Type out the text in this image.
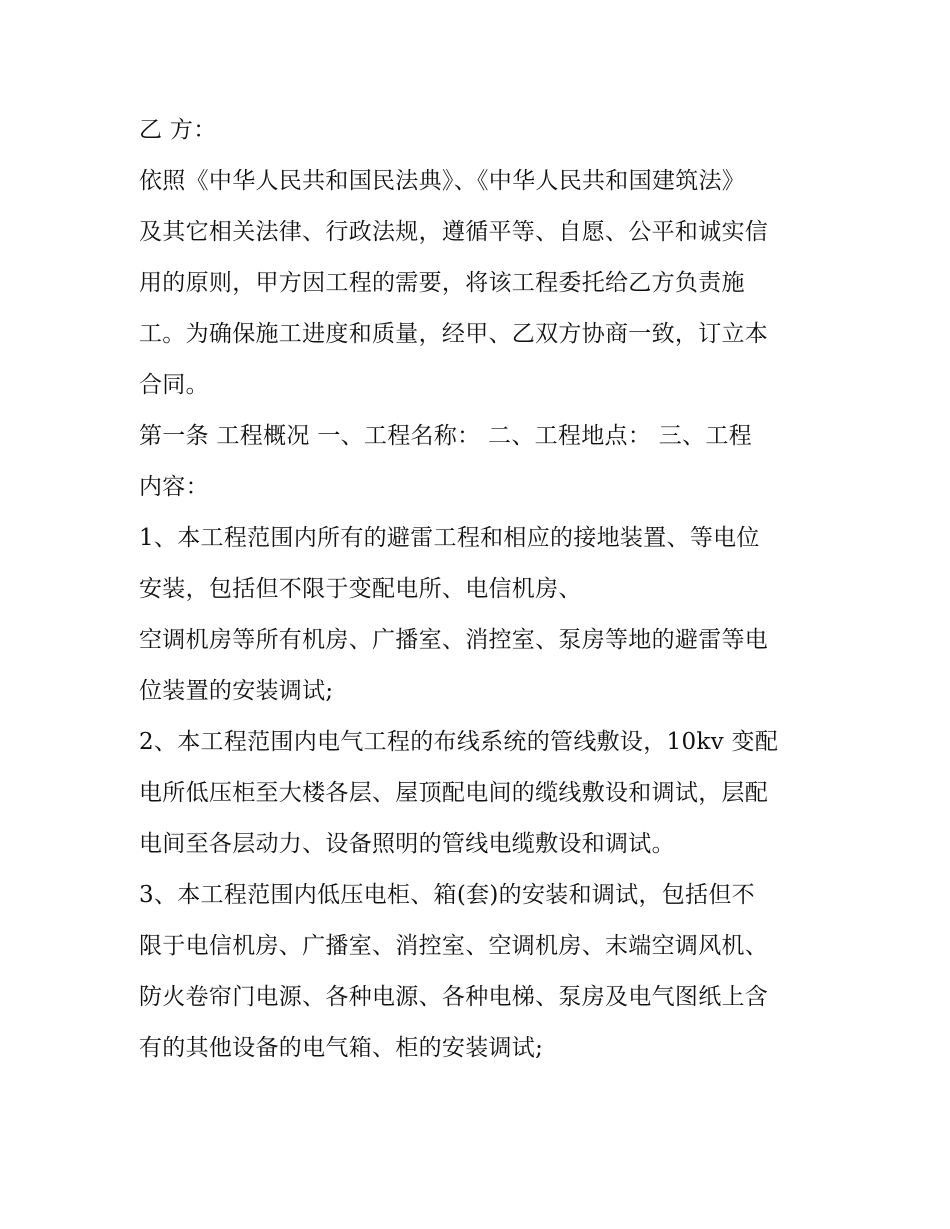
乙 方：
依照《中华人民共和国民法典》、《中华人民共和国建筑法》
及其它相关法律、行政法规，遵循平等、自愿、公平和诚实信
用的原则，甲方因工程的需要，将该工程委托给乙方负责施
工。为确保施工进度和质量，经甲、乙双方协商一致，订立本
合同。
第一条 工程概况 一、工程名称： 二、工程地点： 三、工程
内容：
1、本工程范围内所有的避雷工程和相应的接地装置、等电位
安装，包括但不限于变配电所、电信机房、
空调机房等所有机房、广播室、消控室、泵房等地的避雷等电
位装置的安装调试;
2、本工程范围内电气工程的布线系统的管线敷设，10kv 变配
电所低压柜至大楼各层、屋顶配电间的缆线敷设和调试，层配
电间至各层动力、设备照明的管线电缆敷设和调试。
3、本工程范围内低压电柜、箱(套)的安装和调试，包括但不
限于电信机房、广播室、消控室、空调机房、末端空调风机、
防火卷帘门电源、各种电源、各种电梯、泵房及电气图纸上含
有的其他设备的电气箱、柜的安装调试;
